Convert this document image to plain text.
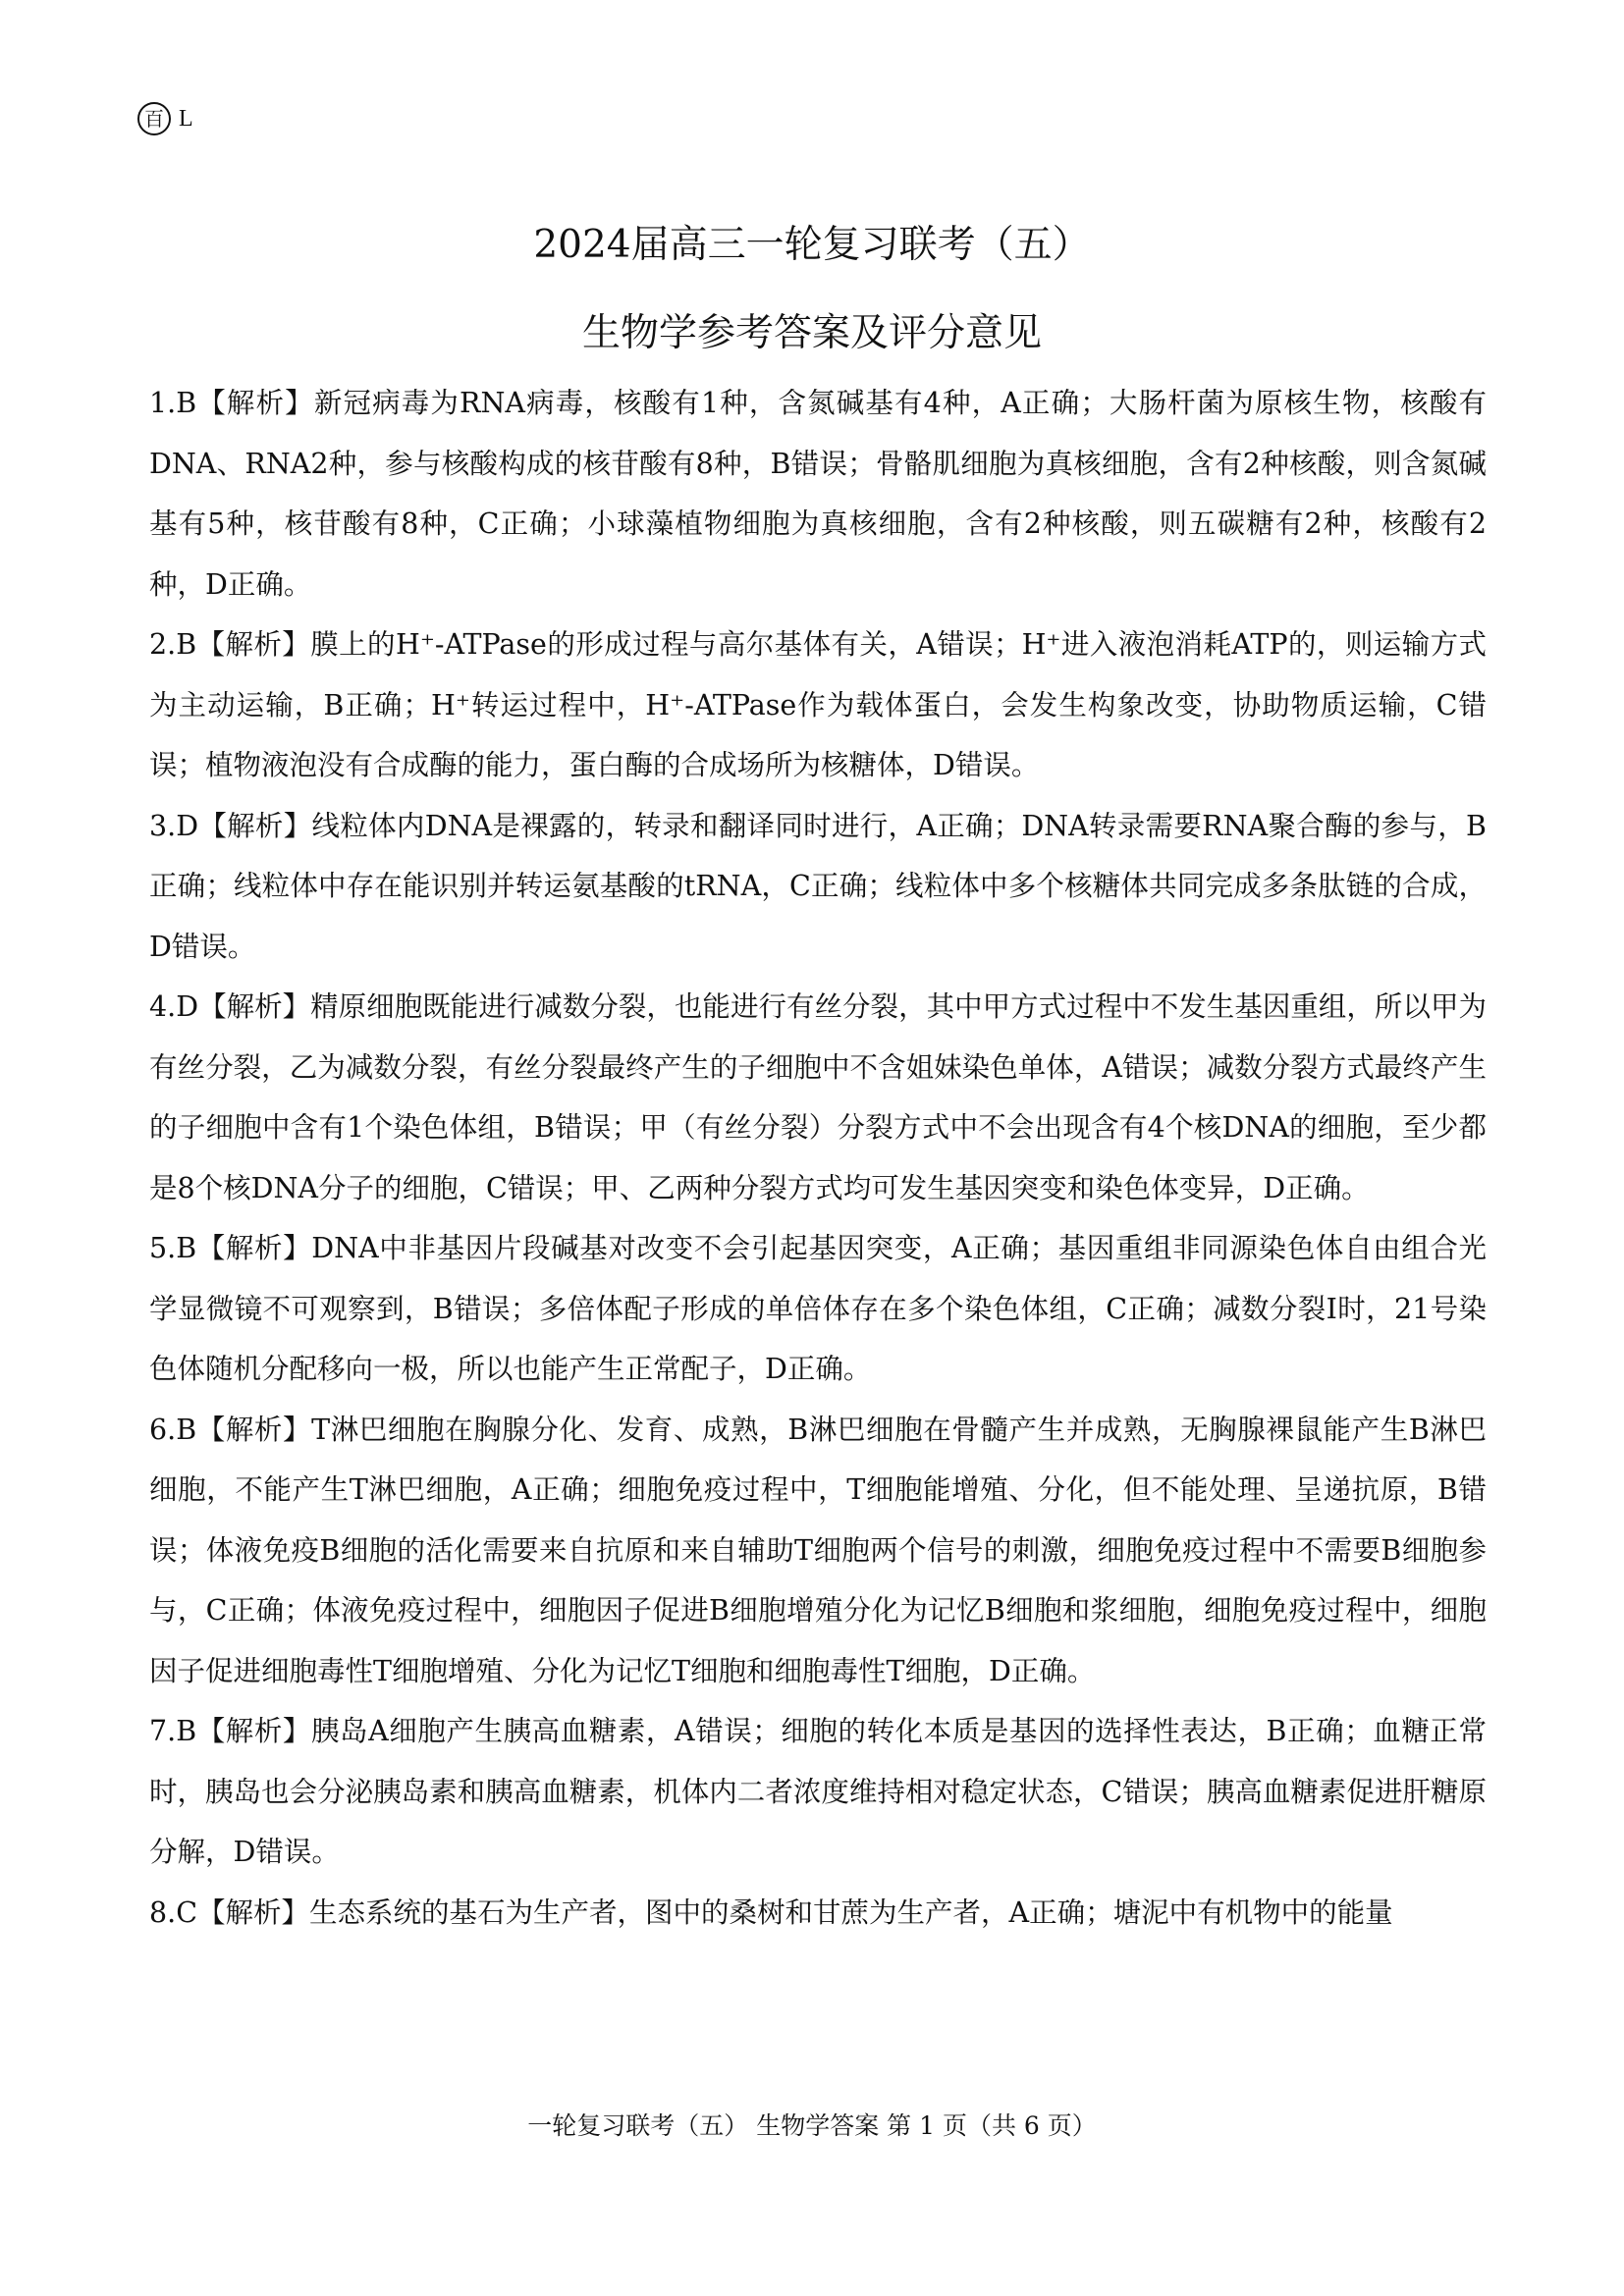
百 L
2024届高三一轮复习联考（五）
生物学参考答案及评分意见

1.B【解析】新冠病毒为RNA病毒，核酸有1种，含氮碱基有4种，A正确；大肠杆菌为原核生物，核酸有DNA、RNA2种，参与核酸构成的核苷酸有8种，B错误；骨骼肌细胞为真核细胞，含有2种核酸，则含氮碱基有5种，核苷酸有8种，C正确；小球藻植物细胞为真核细胞，含有2种核酸，则五碳糖有2种，核酸有2种，D正确。

2.B【解析】膜上的H⁺-ATPase的形成过程与高尔基体有关，A错误；H⁺进入液泡消耗ATP的，则运输方式为主动运输，B正确；H⁺转运过程中，H⁺-ATPase作为载体蛋白，会发生构象改变，协助物质运输，C错误；植物液泡没有合成酶的能力，蛋白酶的合成场所为核糖体，D错误。

3.D【解析】线粒体内DNA是裸露的，转录和翻译同时进行，A正确；DNA转录需要RNA聚合酶的参与，B正确；线粒体中存在能识别并转运氨基酸的tRNA，C正确；线粒体中多个核糖体共同完成多条肽链的合成，D错误。

4.D【解析】精原细胞既能进行减数分裂，也能进行有丝分裂，其中甲方式过程中不发生基因重组，所以甲为有丝分裂，乙为减数分裂，有丝分裂最终产生的子细胞中不含姐妹染色单体，A错误；减数分裂方式最终产生的子细胞中含有1个染色体组，B错误；甲（有丝分裂）分裂方式中不会出现含有4个核DNA的细胞，至少都是8个核DNA分子的细胞，C错误；甲、乙两种分裂方式均可发生基因突变和染色体变异，D正确。

5.B【解析】DNA中非基因片段碱基对改变不会引起基因突变，A正确；基因重组非同源染色体自由组合光学显微镜不可观察到，B错误；多倍体配子形成的单倍体存在多个染色体组，C正确；减数分裂Ⅰ时，21号染色体随机分配移向一极，所以也能产生正常配子，D正确。

6.B【解析】T淋巴细胞在胸腺分化、发育、成熟，B淋巴细胞在骨髓产生并成熟，无胸腺裸鼠能产生B淋巴细胞，不能产生T淋巴细胞，A正确；细胞免疫过程中，T细胞能增殖、分化，但不能处理、呈递抗原，B错误；体液免疫B细胞的活化需要来自抗原和来自辅助T细胞两个信号的刺激，细胞免疫过程中不需要B细胞参与，C正确；体液免疫过程中，细胞因子促进B细胞增殖分化为记忆B细胞和浆细胞，细胞免疫过程中，细胞因子促进细胞毒性T细胞增殖、分化为记忆T细胞和细胞毒性T细胞，D正确。

7.B【解析】胰岛A细胞产生胰高血糖素，A错误；细胞的转化本质是基因的选择性表达，B正确；血糖正常时，胰岛也会分泌胰岛素和胰高血糖素，机体内二者浓度维持相对稳定状态，C错误；胰高血糖素促进肝糖原分解，D错误。

8.C【解析】生态系统的基石为生产者，图中的桑树和甘蔗为生产者，A正确；塘泥中有机物中的能量

一轮复习联考（五） 生物学答案 第 1 页（共 6 页）
